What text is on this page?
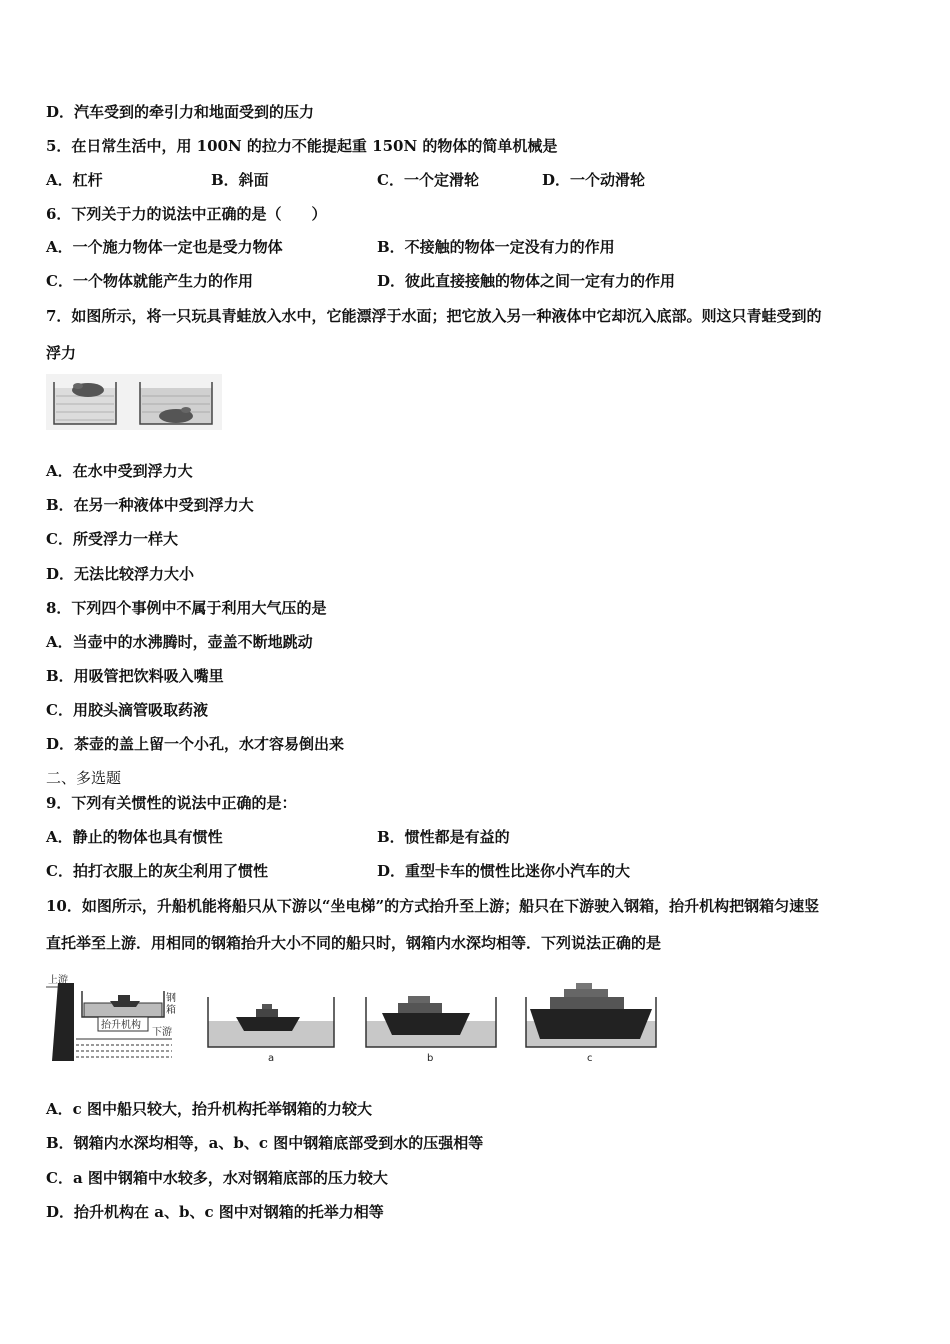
D．汽车受到的牵引力和地面受到的压力
5．在日常生活中，用 100N 的拉力不能提起重 150N 的物体的简单机械是
A．杠杆	B．斜面	C．一个定滑轮	D．一个动滑轮
6．下列关于力的说法中正确的是（　　）
A．一个施力物体一定也是受力物体	B．不接触的物体一定没有力的作用
C．一个物体就能产生力的作用	D．彼此直接接触的物体之间一定有力的作用
7．如图所示，将一只玩具青蛙放入水中，它能漂浮于水面；把它放入另一种液体中它却沉入底部。则这只青蛙受到的
浮力
A．在水中受到浮力大
B．在另一种液体中受到浮力大
C．所受浮力一样大
D．无法比较浮力大小
8．下列四个事例中不属于利用大气压的是
A．当壶中的水沸腾时，壶盖不断地跳动
B．用吸管把饮料吸入嘴里
C．用胶头滴管吸取药液
D．茶壶的盖上留一个小孔，水才容易倒出来
二、多选题
9．下列有关惯性的说法中正确的是：
A．静止的物体也具有惯性	B．惯性都是有益的
C．拍打衣服上的灰尘利用了惯性	D．重型卡车的惯性比迷你小汽车的大
10．如图所示，升船机能将船只从下游以“坐电梯”的方式抬升至上游；船只在下游驶入钢箱，抬升机构把钢箱匀速竖
直托举至上游．用相同的钢箱抬升大小不同的船只时，钢箱内水深均相等．下列说法正确的是
上游
钢
箱
抬升机构
下游
a	b	c
A．c 图中船只较大，抬升机构托举钢箱的力较大
B．钢箱内水深均相等，a、b、c 图中钢箱底部受到水的压强相等
C．a 图中钢箱中水较多，水对钢箱底部的压力较大
D．抬升机构在 a、b、c 图中对钢箱的托举力相等
